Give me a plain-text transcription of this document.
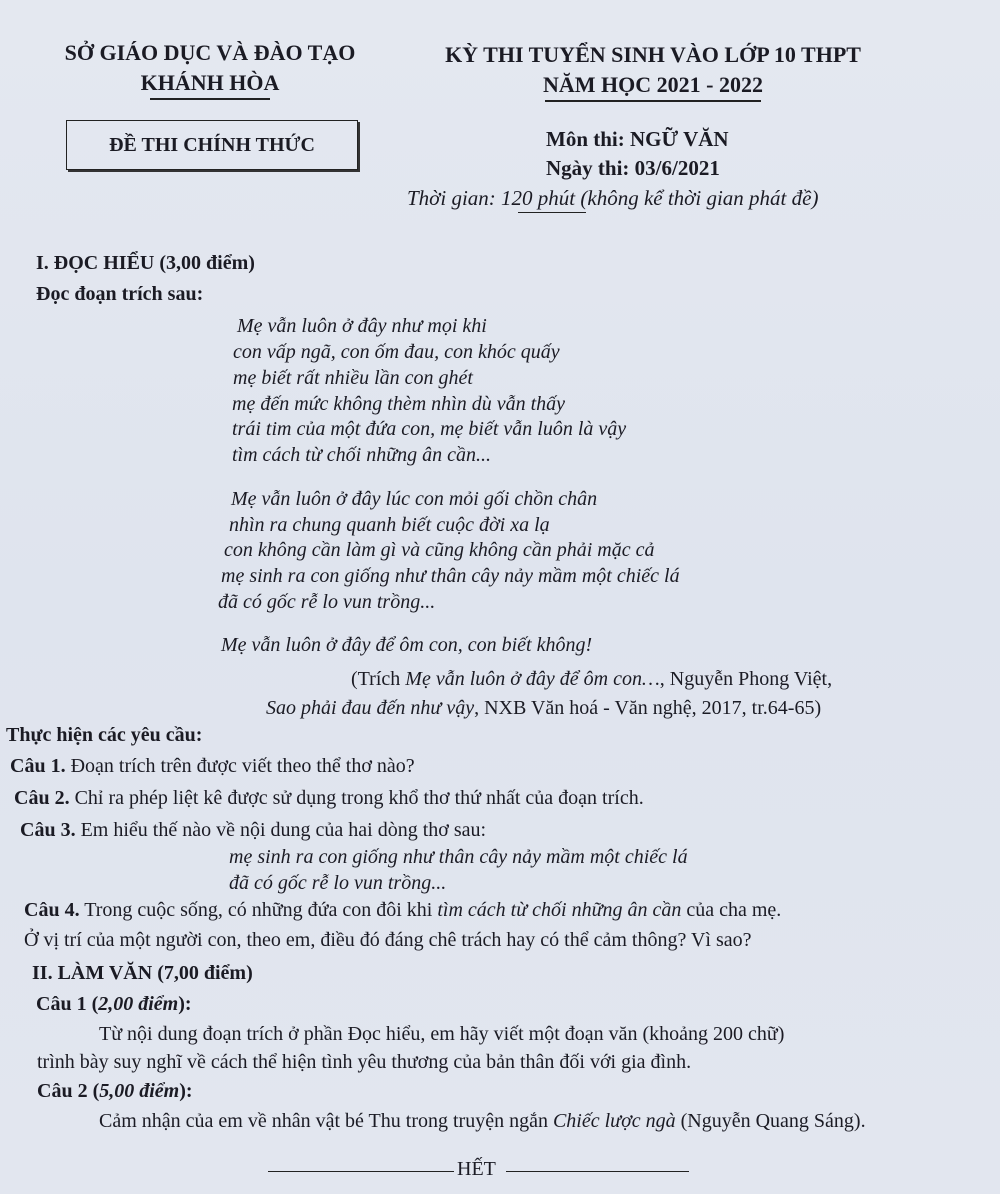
SỞ GIÁO DỤC VÀ ĐÀO TẠO
KHÁNH HÒA
KỲ THI TUYỂN SINH VÀO LỚP 10 THPT
NĂM HỌC 2021 - 2022
ĐỀ THI CHÍNH THỨC	Môn thi: NGỮ VĂN
Ngày thi: 03/6/2021
Thời gian: 120 phút (không kể thời gian phát đề)
I. ĐỌC HIỂU (3,00 điểm)
Đọc đoạn trích sau:
Mẹ vẫn luôn ở đây như mọi khi
con vấp ngã, con ốm đau, con khóc quấy
mẹ biết rất nhiều lần con ghét
mẹ đến mức không thèm nhìn dù vẫn thấy
trái tim của một đứa con, mẹ biết vẫn luôn là vậy
tìm cách từ chối những ân cần...
Mẹ vẫn luôn ở đây lúc con mỏi gối chồn chân
nhìn ra chung quanh biết cuộc đời xa lạ
con không cần làm gì và cũng không cần phải mặc cả
mẹ sinh ra con giống như thân cây nảy mầm một chiếc lá
đã có gốc rễ lo vun trồng...
Mẹ vẫn luôn ở đây để ôm con, con biết không!
(Trích Mẹ vẫn luôn ở đây để ôm con…, Nguyễn Phong Việt,
Sao phải đau đến như vậy, NXB Văn hoá - Văn nghệ, 2017, tr.64-65)
Thực hiện các yêu cầu:
Câu 1. Đoạn trích trên được viết theo thể thơ nào?
Câu 2. Chỉ ra phép liệt kê được sử dụng trong khổ thơ thứ nhất của đoạn trích.
Câu 3. Em hiểu thế nào về nội dung của hai dòng thơ sau:
mẹ sinh ra con giống như thân cây nảy mầm một chiếc lá
đã có gốc rễ lo vun trồng...
Câu 4. Trong cuộc sống, có những đứa con đôi khi tìm cách từ chối những ân cần của cha mẹ.
Ở vị trí của một người con, theo em, điều đó đáng chê trách hay có thể cảm thông? Vì sao?
II. LÀM VĂN (7,00 điểm)
Câu 1 (2,00 điểm):
Từ nội dung đoạn trích ở phần Đọc hiểu, em hãy viết một đoạn văn (khoảng 200 chữ)
trình bày suy nghĩ về cách thể hiện tình yêu thương của bản thân đối với gia đình.
Câu 2 (5,00 điểm):
Cảm nhận của em về nhân vật bé Thu trong truyện ngắn Chiếc lược ngà (Nguyễn Quang Sáng).
HẾT
